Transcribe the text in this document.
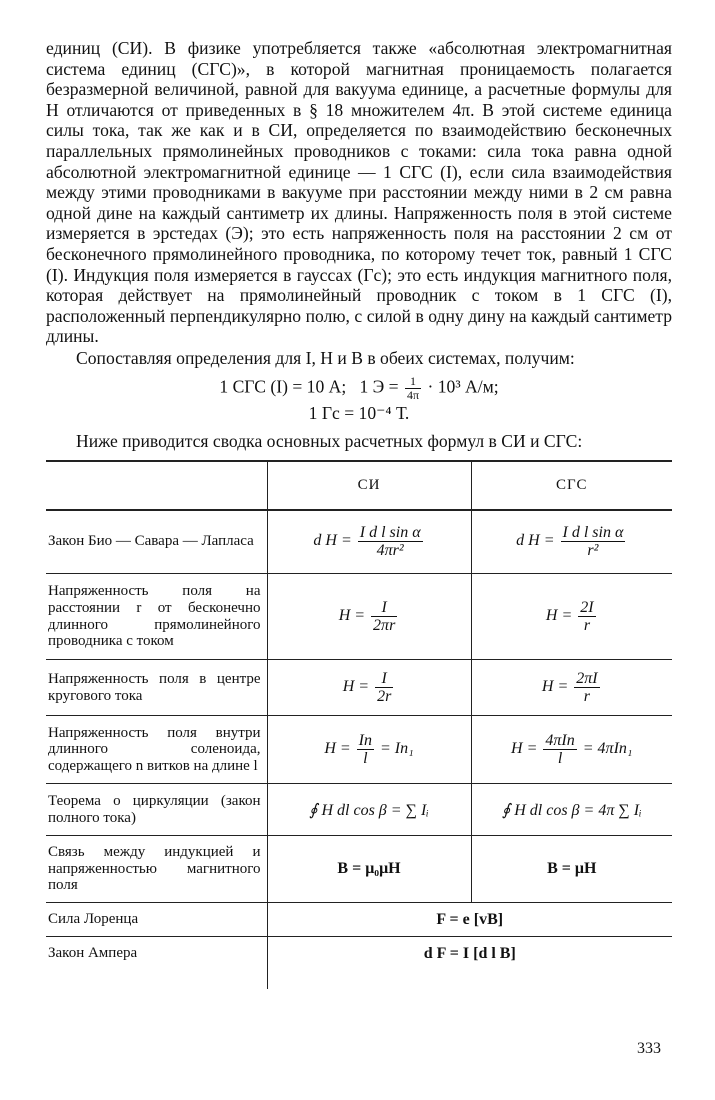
единиц (СИ). В физике употребляется также «абсолютная электромагнитная система единиц (СГС)», в которой магнитная проницаемость полагается безразмерной величиной, равной для вакуума единице, а расчетные формулы для H отличаются от приведенных в § 18 множителем 4π. В этой системе единица силы тока, так же как и в СИ, определяется по взаимодействию бесконечных параллельных прямолинейных проводников с токами: сила тока равна одной абсолютной электромагнитной единице — 1 СГС (I), если сила взаимодействия между этими проводниками в вакууме при расстоянии между ними в 2 см равна одной дине на каждый сантиметр их длины. Напряженность поля в этой системе измеряется в эрстедах (Э); это есть напряженность поля на расстоянии 2 см от бесконечного прямолинейного проводника, по которому течет ток, равный 1 СГС (I). Индукция поля измеряется в гауссах (Гс); это есть индукция магнитного поля, которая действует на прямолинейный проводник с током в 1 СГС (I), расположенный перпендикулярно полю, с силой в одну дину на каждый сантиметр длины.

Сопоставляя определения для I, H и B в обеих системах, получим:

1 СГС (I) = 10 А; 1 $Э = \frac{1}{4\pi} \cdot 10^3$ А/м;
1 Гс = 10⁻⁴ Т.

Ниже приводится сводка основных расчетных формул в СИ и СГС:

	СИ	СГС
Закон Био — Савара — Лапласа	d $H = \frac{\text{I d l sin α}}{\text{4πr²}}$	d $H = \frac{\text{I d l sin α}}{\text{r²}}$

Напряженность поля на расстоянии r от бесконечно длинного прямолинейного проводника с током	$H = \frac{I}{2\pi r}$	$H = \frac{2I}{r}$

Напряженность поля в центре кругового тока	$H = \frac{I}{2r}$	$H = \frac{2\pi I}{r}$

Напряженность поля внутри длинного соленоида, содержащего n витков на длине l	$H = \frac{In}{l} = In_1$	$H = \frac{\text{4πIn}}{l} = 4\pi In_1$
Теорема о циркуляции (закон полного тока)	∮ H dl cos β = ∑ Iᵢ	∮ H dl cos β = 4π ∑ Iᵢ
Связь между индукцией и напряженностью магнитного поля	B = μ₀μH	B = μH
Сила Лоренца	F = e [vB]	
Закон Ампера	d F = I [d l B]	
333
